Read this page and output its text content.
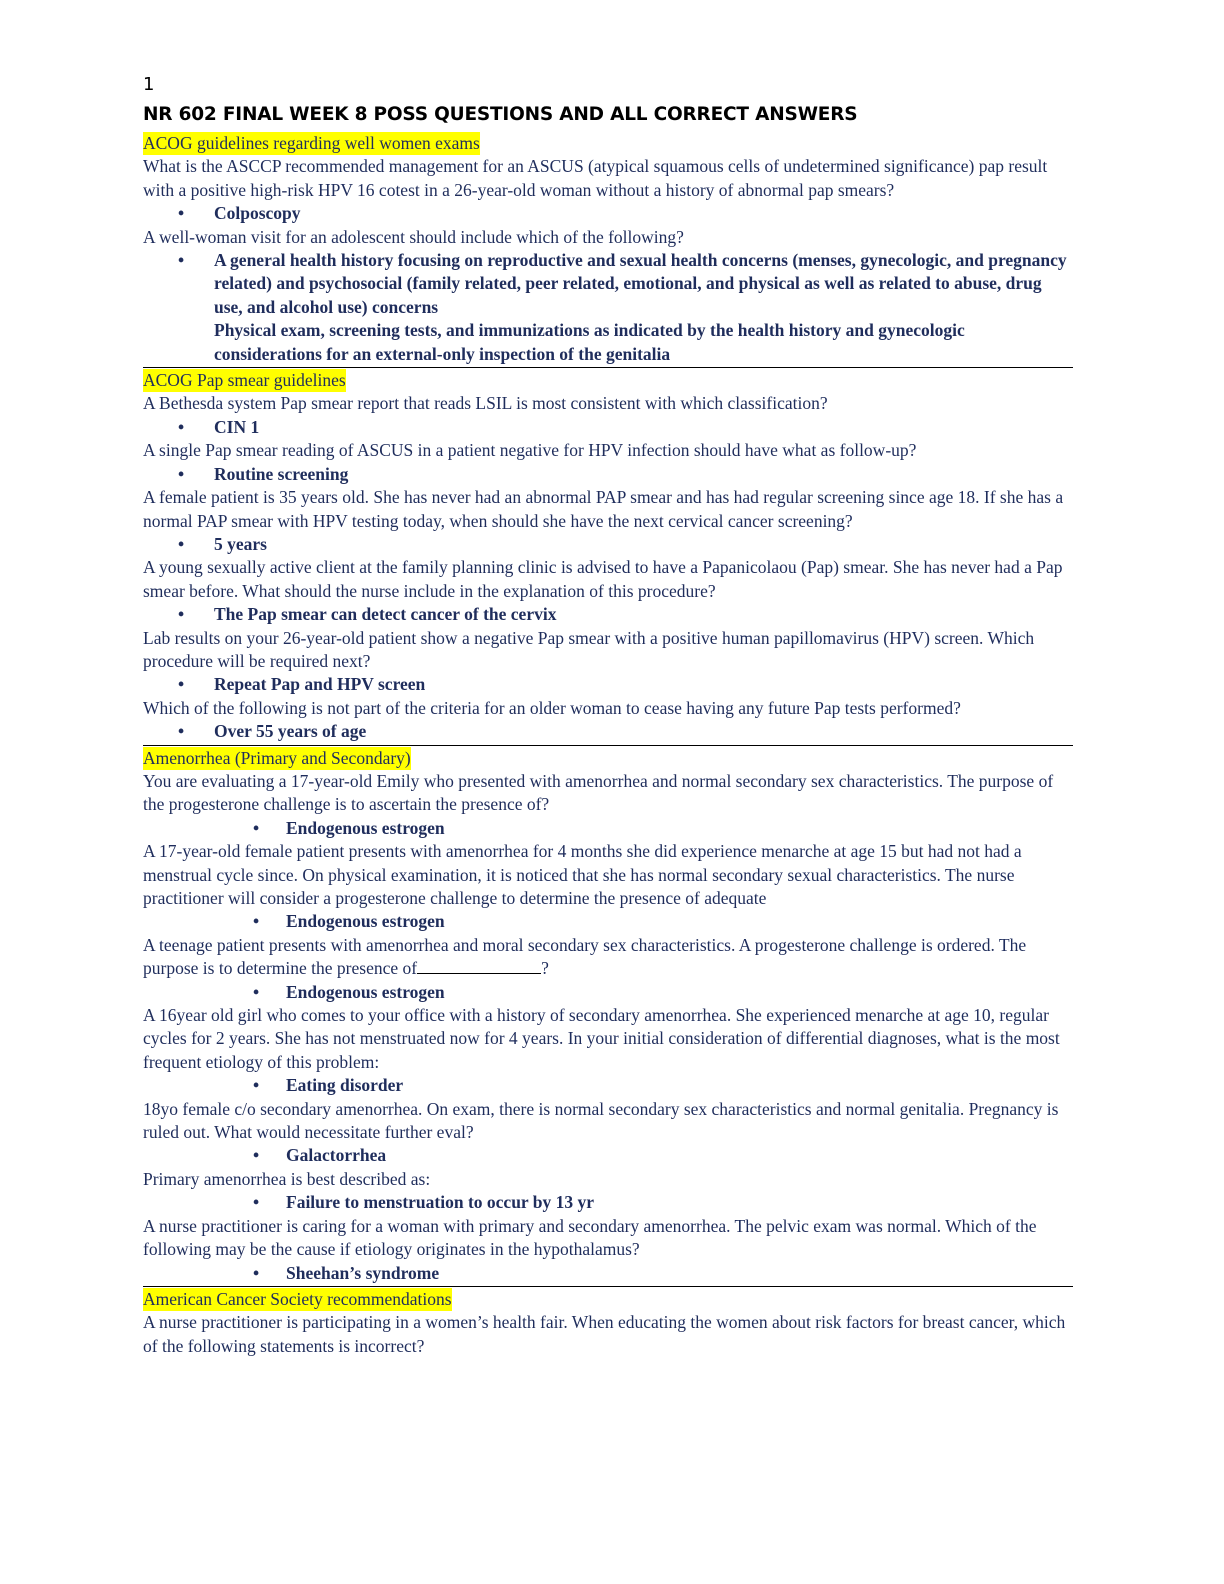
1
NR 602 FINAL WEEK 8 POSS QUESTIONS AND ALL CORRECT ANSWERS
ACOG guidelines regarding well women exams

What is the ASCCP recommended management for an ASCUS (atypical squamous cells of undetermined significance) pap result with a positive high-risk HPV 16 cotest in a 26-year-old woman without a history of abnormal pap smears?

• Colposcopy

A well-woman visit for an adolescent should include which of the following?

• A general health history focusing on reproductive and sexual health concerns (menses, gynecologic, and pregnancy related) and psychosocial (family related, peer related, emotional, and physical as well as related to abuse, drug use, and alcohol use) concerns

Physical exam, screening tests, and immunizations as indicated by the health history and gynecologic considerations for an external-only inspection of the genitalia

ACOG Pap smear guidelines

A Bethesda system Pap smear report that reads LSIL is most consistent with which classification?

• CIN 1

A single Pap smear reading of ASCUS in a patient negative for HPV infection should have what as follow-up?

• Routine screening

A female patient is 35 years old. She has never had an abnormal PAP smear and has had regular screening since age 18. If she has a normal PAP smear with HPV testing today, when should she have the next cervical cancer screening?

• 5 years

A young sexually active client at the family planning clinic is advised to have a Papanicolaou (Pap) smear. She has never had a Pap smear before. What should the nurse include in the explanation of this procedure?

• The Pap smear can detect cancer of the cervix

Lab results on your 26-year-old patient show a negative Pap smear with a positive human papillomavirus (HPV) screen. Which procedure will be required next?

• Repeat Pap and HPV screen

Which of the following is not part of the criteria for an older woman to cease having any future Pap tests performed?

• Over 55 years of age
Amenorrhea (Primary and Secondary)

You are evaluating a 17-year-old Emily who presented with amenorrhea and normal secondary sex characteristics. The purpose of the progesterone challenge is to ascertain the presence of?

• Endogenous estrogen

A 17-year-old female patient presents with amenorrhea for 4 months she did experience menarche at age 15 but had not had a menstrual cycle since. On physical examination, it is noticed that she has normal secondary sexual characteristics. The nurse practitioner will consider a progesterone challenge to determine the presence of adequate

• Endogenous estrogen

A teenage patient presents with amenorrhea and moral secondary sex characteristics. A progesterone challenge is ordered. The purpose is to determine the presence of	?

• Endogenous estrogen

A 16year old girl who comes to your office with a history of secondary amenorrhea. She experienced menarche at age 10, regular cycles for 2 years. She has not menstruated now for 4 years. In your initial consideration of differential diagnoses, what is the most frequent etiology of this problem:

• Eating disorder

18yo female c/o secondary amenorrhea. On exam, there is normal secondary sex characteristics and normal genitalia. Pregnancy is ruled out. What would necessitate further eval?

• Galactorrhea

Primary amenorrhea is best described as:

• Failure to menstruation to occur by 13 yr

A nurse practitioner is caring for a woman with primary and secondary amenorrhea. The pelvic exam was normal. Which of the following may be the cause if etiology originates in the hypothalamus?

• Sheehan’s syndrome
American Cancer Society recommendations

A nurse practitioner is participating in a women’s health fair. When educating the women about risk factors for breast cancer, which of the following statements is incorrect?
